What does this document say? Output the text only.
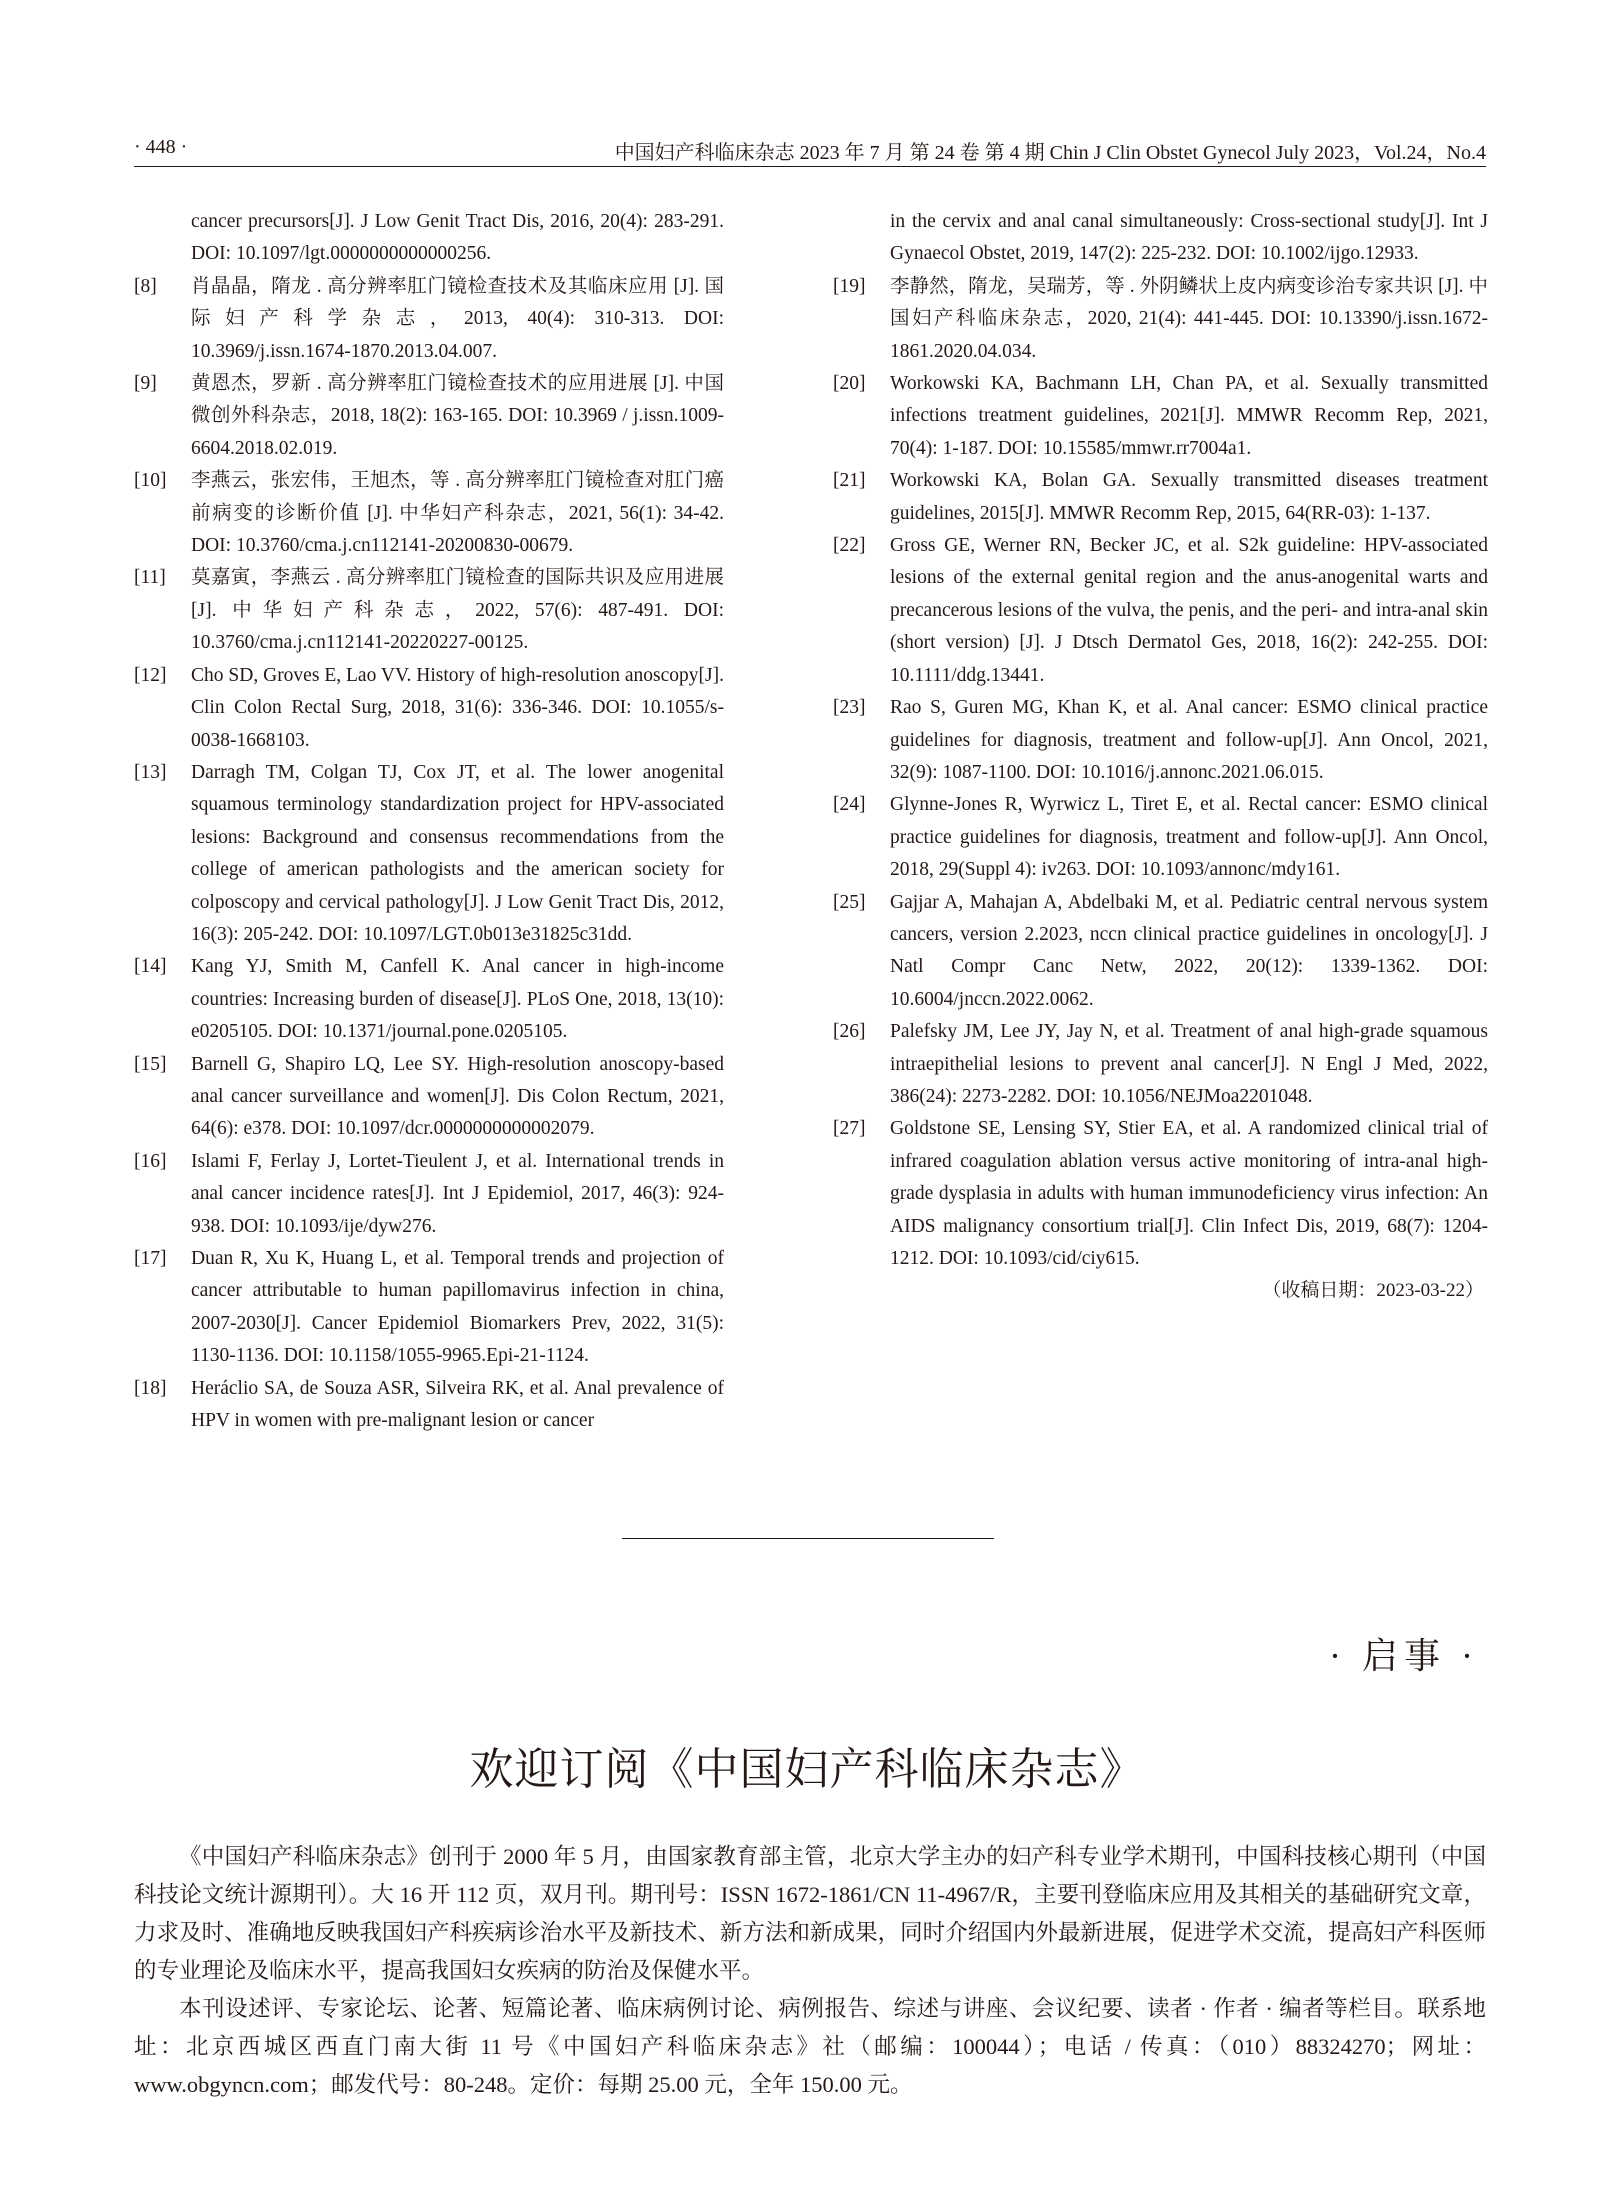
· 448 ·	中国妇产科临床杂志 2023 年 7 月 第 24 卷 第 4 期 Chin J Clin Obstet Gynecol July 2023，Vol.24，No.4
cancer precursors[J]. J Low Genit Tract Dis, 2016, 20(4): 283-291. DOI: 10.1097/lgt.0000000000000256.
[8] 肖晶晶，隋龙 . 高分辨率肛门镜检查技术及其临床应用 [J]. 国际妇产科学杂志，2013, 40(4): 310-313. DOI: 10.3969/j.issn.1674-1870.2013.04.007.
[9] 黄恩杰，罗新 . 高分辨率肛门镜检查技术的应用进展 [J]. 中国微创外科杂志，2018, 18(2): 163-165. DOI: 10.3969 / j.issn.1009-6604.2018.02.019.
[10] 李燕云，张宏伟，王旭杰，等 . 高分辨率肛门镜检查对肛门癌前病变的诊断价值 [J]. 中华妇产科杂志，2021, 56(1): 34-42. DOI: 10.3760/cma.j.cn112141-20200830-00679.
[11] 莫嘉寅，李燕云 . 高分辨率肛门镜检查的国际共识及应用进展 [J]. 中华妇产科杂志，2022, 57(6): 487-491. DOI: 10.3760/cma.j.cn112141-20220227-00125.
[12] Cho SD, Groves E, Lao VV. History of high-resolution anoscopy[J]. Clin Colon Rectal Surg, 2018, 31(6): 336-346. DOI: 10.1055/s-0038-1668103.
[13] Darragh TM, Colgan TJ, Cox JT, et al. The lower anogenital squamous terminology standardization project for HPV-associated lesions: Background and consensus recommendations from the college of american pathologists and the american society for colposcopy and cervical pathology[J]. J Low Genit Tract Dis, 2012, 16(3): 205-242. DOI: 10.1097/LGT.0b013e31825c31dd.
[14] Kang YJ, Smith M, Canfell K. Anal cancer in high-income countries: Increasing burden of disease[J]. PLoS One, 2018, 13(10): e0205105. DOI: 10.1371/journal.pone.0205105.
[15] Barnell G, Shapiro LQ, Lee SY. High-resolution anoscopy-based anal cancer surveillance and women[J]. Dis Colon Rectum, 2021, 64(6): e378. DOI: 10.1097/dcr.0000000000002079.
[16] Islami F, Ferlay J, Lortet-Tieulent J, et al. International trends in anal cancer incidence rates[J]. Int J Epidemiol, 2017, 46(3): 924-938. DOI: 10.1093/ije/dyw276.
[17] Duan R, Xu K, Huang L, et al. Temporal trends and projection of cancer attributable to human papillomavirus infection in china, 2007-2030[J]. Cancer Epidemiol Biomarkers Prev, 2022, 31(5): 1130-1136. DOI: 10.1158/1055-9965.Epi-21-1124.
[18] Heráclio SA, de Souza ASR, Silveira RK, et al. Anal prevalence of HPV in women with pre-malignant lesion or cancer
in the cervix and anal canal simultaneously: Cross-sectional study[J]. Int J Gynaecol Obstet, 2019, 147(2): 225-232. DOI: 10.1002/ijgo.12933.
[19] 李静然，隋龙，吴瑞芳，等 . 外阴鳞状上皮内病变诊治专家共识 [J]. 中国妇产科临床杂志，2020, 21(4): 441-445. DOI: 10.13390/j.issn.1672-1861.2020.04.034.
[20] Workowski KA, Bachmann LH, Chan PA, et al. Sexually transmitted infections treatment guidelines, 2021[J]. MMWR Recomm Rep, 2021, 70(4): 1-187. DOI: 10.15585/mmwr.rr7004a1.
[21] Workowski KA, Bolan GA. Sexually transmitted diseases treatment guidelines, 2015[J]. MMWR Recomm Rep, 2015, 64(RR-03): 1-137.
[22] Gross GE, Werner RN, Becker JC, et al. S2k guideline: HPV-associated lesions of the external genital region and the anus-anogenital warts and precancerous lesions of the vulva, the penis, and the peri- and intra-anal skin (short version) [J]. J Dtsch Dermatol Ges, 2018, 16(2): 242-255. DOI: 10.1111/ddg.13441.
[23] Rao S, Guren MG, Khan K, et al. Anal cancer: ESMO clinical practice guidelines for diagnosis, treatment and follow-up[J]. Ann Oncol, 2021, 32(9): 1087-1100. DOI: 10.1016/j.annonc.2021.06.015.
[24] Glynne-Jones R, Wyrwicz L, Tiret E, et al. Rectal cancer: ESMO clinical practice guidelines for diagnosis, treatment and follow-up[J]. Ann Oncol, 2018, 29(Suppl 4): iv263. DOI: 10.1093/annonc/mdy161.
[25] Gajjar A, Mahajan A, Abdelbaki M, et al. Pediatric central nervous system cancers, version 2.2023, nccn clinical practice guidelines in oncology[J]. J Natl Compr Canc Netw, 2022, 20(12): 1339-1362. DOI: 10.6004/jnccn.2022.0062.
[26] Palefsky JM, Lee JY, Jay N, et al. Treatment of anal high-grade squamous intraepithelial lesions to prevent anal cancer[J]. N Engl J Med, 2022, 386(24): 2273-2282. DOI: 10.1056/NEJMoa2201048.
[27] Goldstone SE, Lensing SY, Stier EA, et al. A randomized clinical trial of infrared coagulation ablation versus active monitoring of intra-anal high-grade dysplasia in adults with human immunodeficiency virus infection: An AIDS malignancy consortium trial[J]. Clin Infect Dis, 2019, 68(7): 1204-1212. DOI: 10.1093/cid/ciy615.
（收稿日期：2023-03-22）
· 启事 ·
欢迎订阅《中国妇产科临床杂志》

《中国妇产科临床杂志》创刊于 2000 年 5 月，由国家教育部主管，北京大学主办的妇产科专业学术期刊，中国科技核心期刊（中国科技论文统计源期刊）。大 16 开 112 页，双月刊。期刊号：ISSN 1672-1861/CN 11-4967/R，主要刊登临床应用及其相关的基础研究文章，力求及时、准确地反映我国妇产科疾病诊治水平及新技术、新方法和新成果，同时介绍国内外最新进展，促进学术交流，提高妇产科医师的专业理论及临床水平，提高我国妇女疾病的防治及保健水平。

本刊设述评、专家论坛、论著、短篇论著、临床病例讨论、病例报告、综述与讲座、会议纪要、读者 · 作者 · 编者等栏目。联系地址：北京西城区西直门南大街 11 号《中国妇产科临床杂志》社（邮编：100044）；电话 / 传真：（010）88324270；网址：www.obgyncn.com；邮发代号：80-248。定价：每期 25.00 元，全年 150.00 元。
